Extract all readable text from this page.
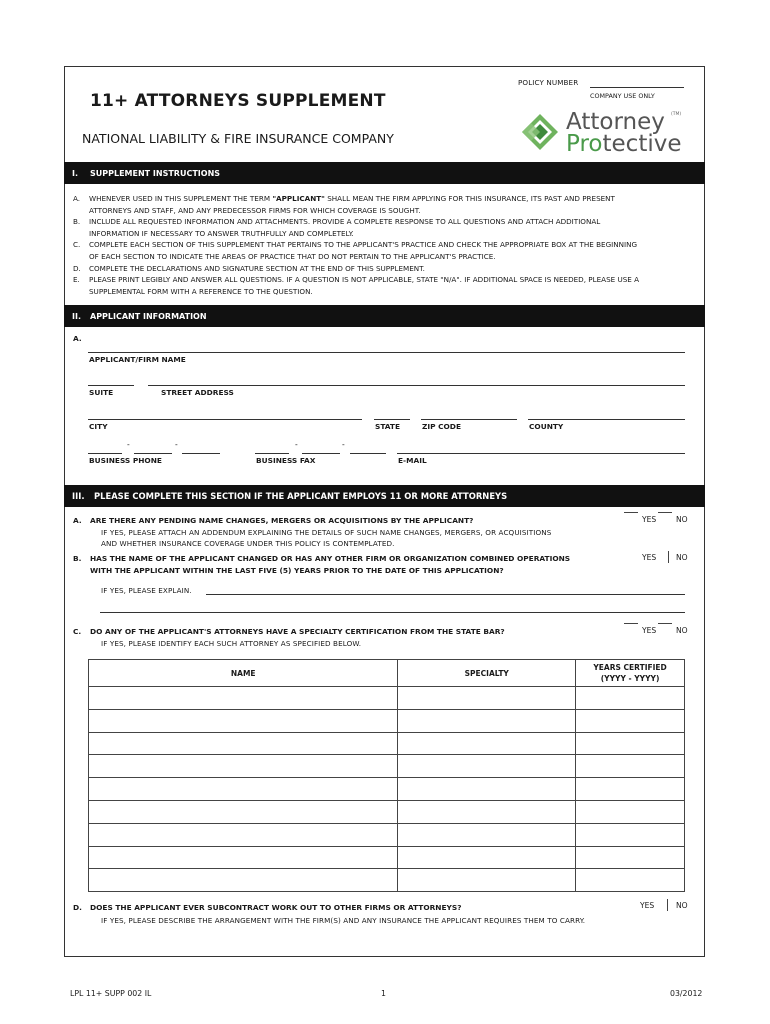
POLICY NUMBER
COMPANY USE ONLY
11+ ATTORNEYS SUPPLEMENT
NATIONAL LIABILITY & FIRE INSURANCE COMPANY
Attorney
Protective
(TM)
I.	SUPPLEMENT INSTRUCTIONS
A.	WHENEVER USED IN THIS SUPPLEMENT THE TERM "APPLICANT" SHALL MEAN THE FIRM APPLYING FOR THIS INSURANCE, ITS PAST AND PRESENT
ATTORNEYS AND STAFF, AND ANY PREDECESSOR FIRMS FOR WHICH COVERAGE IS SOUGHT.
B.	INCLUDE ALL REQUESTED INFORMATION AND ATTACHMENTS. PROVIDE A COMPLETE RESPONSE TO ALL QUESTIONS AND ATTACH ADDITIONAL
INFORMATION IF NECESSARY TO ANSWER TRUTHFULLY AND COMPLETELY.
C.	COMPLETE EACH SECTION OF THIS SUPPLEMENT THAT PERTAINS TO THE APPLICANT'S PRACTICE AND CHECK THE APPROPRIATE BOX AT THE BEGINNING
OF EACH SECTION TO INDICATE THE AREAS OF PRACTICE THAT DO NOT PERTAIN TO THE APPLICANT'S PRACTICE.
D.	COMPLETE THE DECLARATIONS AND SIGNATURE SECTION AT THE END OF THIS SUPPLEMENT.
E.	PLEASE PRINT LEGIBLY AND ANSWER ALL QUESTIONS. IF A QUESTION IS NOT APPLICABLE, STATE "N/A". IF ADDITIONAL SPACE IS NEEDED, PLEASE USE A
SUPPLEMENTAL FORM WITH A REFERENCE TO THE QUESTION.
II.	APPLICANT INFORMATION
A.
APPLICANT/FIRM NAME
SUITE	STREET ADDRESS
CITY	STATE	ZIP CODE	COUNTY
-	-	-	-
BUSINESS PHONE	BUSINESS FAX	E-MAIL
III.	PLEASE COMPLETE THIS SECTION IF THE APPLICANT EMPLOYS 11 OR MORE ATTORNEYS
A. ARE THERE ANY PENDING NAME CHANGES, MERGERS OR ACQUISITIONS BY THE APPLICANT?
IF YES, PLEASE ATTACH AN ADDENDUM EXPLAINING THE DETAILS OF SUCH NAME CHANGES, MERGERS, OR ACQUISITIONS
AND WHETHER INSURANCE COVERAGE UNDER THIS POLICY IS CONTEMPLATED.
YES	NO
B. HAS THE NAME OF THE APPLICANT CHANGED OR HAS ANY OTHER FIRM OR ORGANIZATION COMBINED OPERATIONS
WITH THE APPLICANT WITHIN THE LAST FIVE (5) YEARS PRIOR TO THE DATE OF THIS APPLICATION?
YES	NO
IF YES, PLEASE EXPLAIN.
C. DO ANY OF THE APPLICANT'S ATTORNEYS HAVE A SPECIALTY CERTIFICATION FROM THE STATE BAR?
IF YES, PLEASE IDENTIFY EACH SUCH ATTORNEY AS SPECIFIED BELOW.
YES	NO
NAME	SPECIALTY	YEARS CERTIFIED
(YYYY - YYYY)

D. DOES THE APPLICANT EVER SUBCONTRACT WORK OUT TO OTHER FIRMS OR ATTORNEYS?
IF YES, PLEASE DESCRIBE THE ARRANGEMENT WITH THE FIRM(S) AND ANY INSURANCE THE APPLICANT REQUIRES THEM TO CARRY.
YES	NO
LPL 11+ SUPP 002 IL	1	03/2012
